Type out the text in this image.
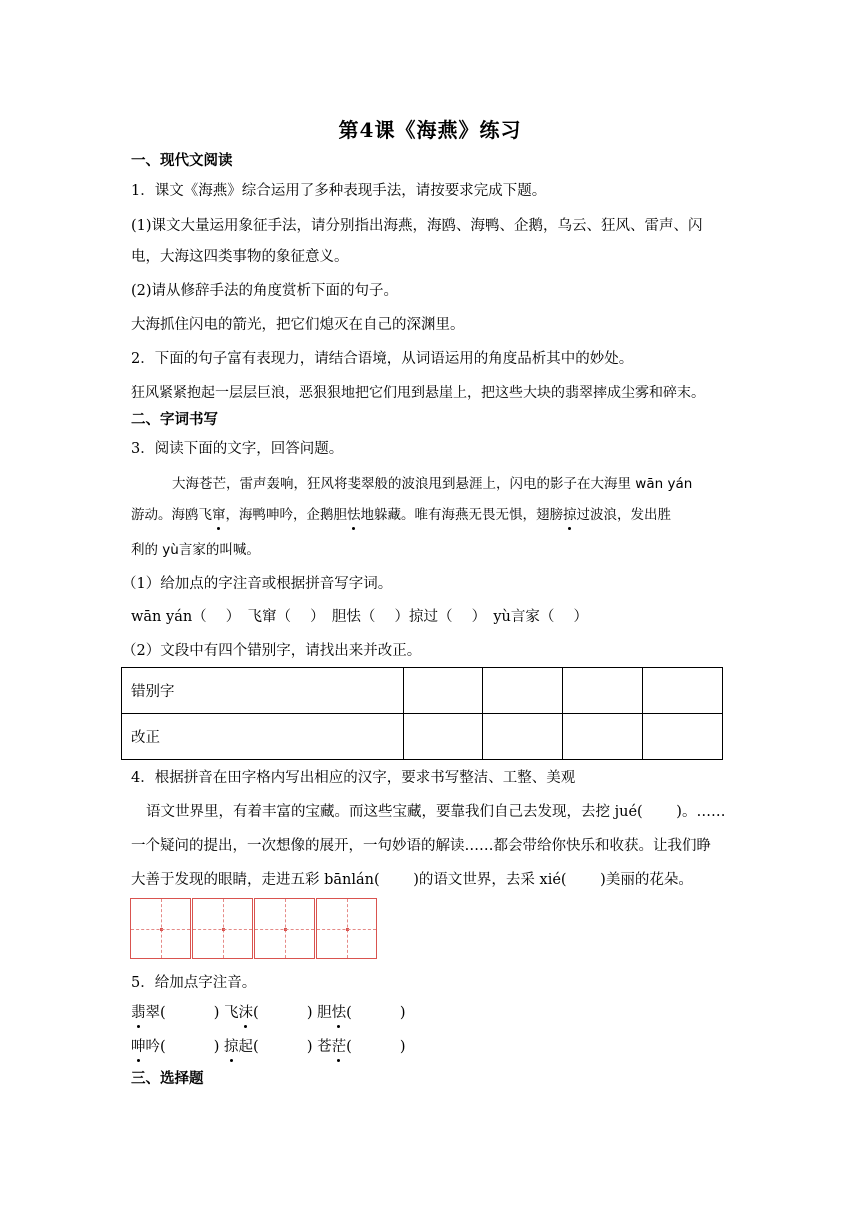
第4课《海燕》练习
一、现代文阅读
1．课文《海燕》综合运用了多种表现手法，请按要求完成下题。
(1)课文大量运用象征手法，请分别指出海燕，海鸥、海鸭、企鹅，乌云、狂风、雷声、闪
电，大海这四类事物的象征意义。
(2)请从修辞手法的角度赏析下面的句子。
大海抓住闪电的箭光，把它们熄灭在自己的深渊里。
2．下面的句子富有表现力，请结合语境，从词语运用的角度品析其中的妙处。
狂风紧紧抱起一层层巨浪，恶狠狠地把它们甩到悬崖上，把这些大块的翡翠摔成尘雾和碎末。
二、字词书写
3．阅读下面的文字，回答问题。
大海苍芒，雷声轰响，狂风将斐翠般的波浪甩到悬涯上，闪电的影子在大海里 wān yán
游动。海鸥飞窜，海鸭呻吟，企鹅胆怯地躲藏。唯有海燕无畏无惧，翅膀掠过波浪，发出胜
利的 yù言家的叫喊。
（1）给加点的字注音或根据拼音写字词。
wān yán（　 ）　飞窜（　 ）　胆怯（　 ）掠过（　 ）　yù言家（　 ）
（2）文段中有四个错别字，请找出来并改正。
错别字				
改正				
4．根据拼音在田字格内写出相应的汉字，要求书写整洁、工整、美观
语文世界里，有着丰富的宝藏。而这些宝藏，要靠我们自己去发现，去挖 jué(　　 )。……
一个疑问的提出，一次想像的展开，一句妙语的解读……都会带给你快乐和收获。让我们睁
大善于发现的眼睛，走进五彩 bānlán(　　 )的语文世界，去采 xié(　　 )美丽的花朵。
5．给加点字注音。
翡翠(　　　 ) 飞沫(　　　 ) 胆怯(　　　 )
呻吟(　　　 ) 掠起(　　　 ) 苍茫(　　　 )
三、选择题
